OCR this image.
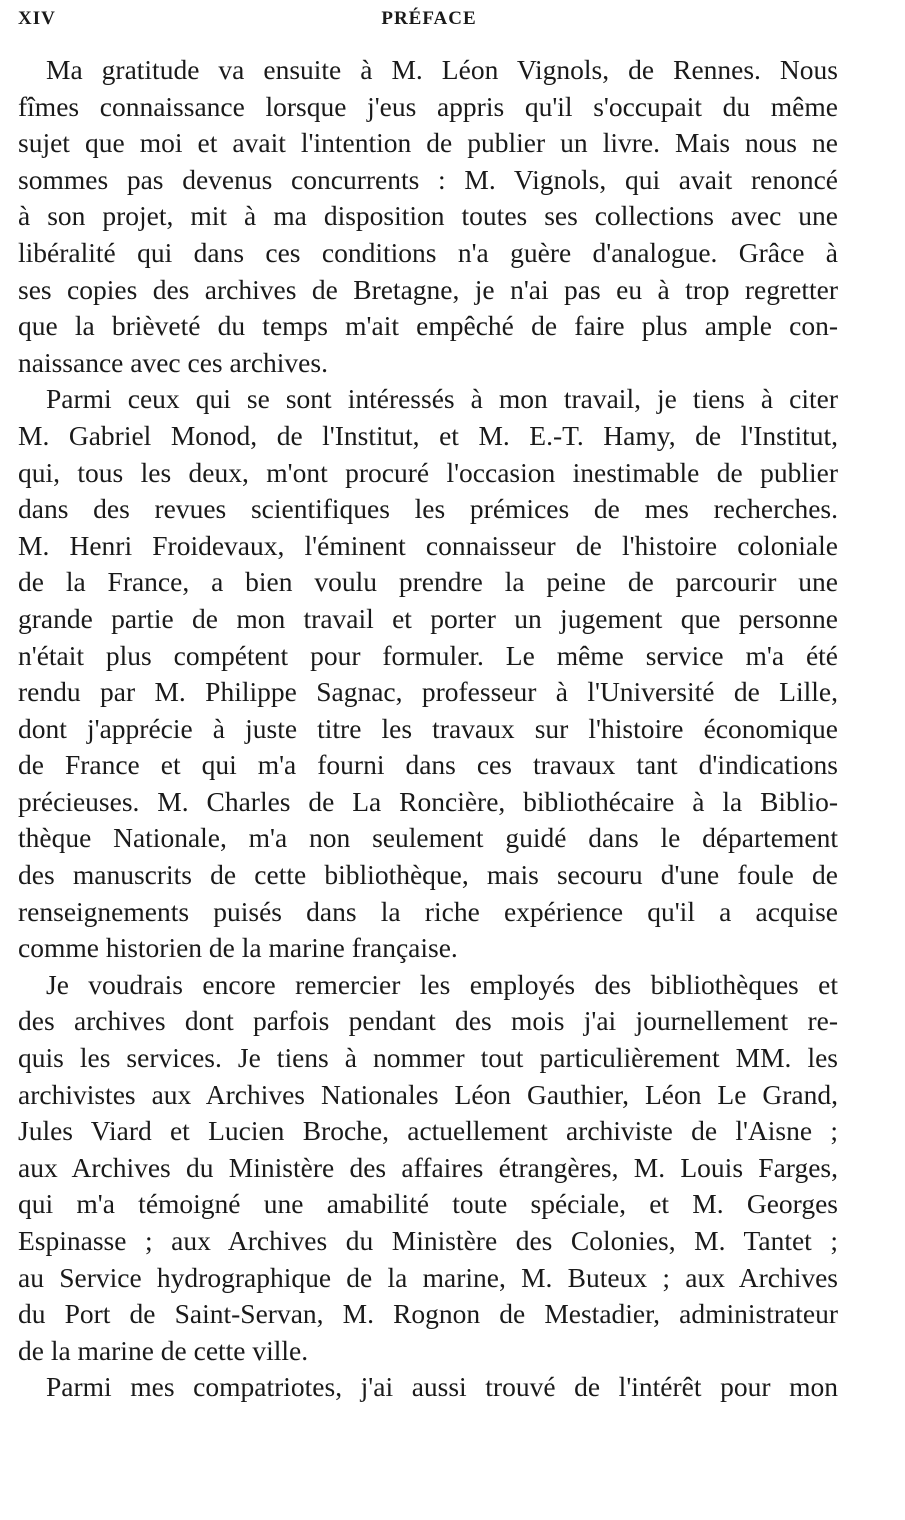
XIV	PRÉFACE
Ma gratitude va ensuite à M. Léon Vignols, de Rennes. Nous
fîmes connaissance lorsque j'eus appris qu'il s'occupait du même
sujet que moi et avait l'intention de publier un livre. Mais nous ne
sommes pas devenus concurrents : M. Vignols, qui avait renoncé
à son projet, mit à ma disposition toutes ses collections avec une
libéralité qui dans ces conditions n'a guère d'analogue. Grâce à
ses copies des archives de Bretagne, je n'ai pas eu à trop regretter
que la brièveté du temps m'ait empêché de faire plus ample con-
naissance avec ces archives.
Parmi ceux qui se sont intéressés à mon travail, je tiens à citer
M. Gabriel Monod, de l'Institut, et M. E.-T. Hamy, de l'Institut,
qui, tous les deux, m'ont procuré l'occasion inestimable de publier
dans des revues scientifiques les prémices de mes recherches.
M. Henri Froidevaux, l'éminent connaisseur de l'histoire coloniale
de la France, a bien voulu prendre la peine de parcourir une
grande partie de mon travail et porter un jugement que personne
n'était plus compétent pour formuler. Le même service m'a été
rendu par M. Philippe Sagnac, professeur à l'Université de Lille,
dont j'apprécie à juste titre les travaux sur l'histoire économique
de France et qui m'a fourni dans ces travaux tant d'indications
précieuses. M. Charles de La Roncière, bibliothécaire à la Biblio-
thèque Nationale, m'a non seulement guidé dans le département
des manuscrits de cette bibliothèque, mais secouru d'une foule de
renseignements puisés dans la riche expérience qu'il a acquise
comme historien de la marine française.
Je voudrais encore remercier les employés des bibliothèques et
des archives dont parfois pendant des mois j'ai journellement re-
quis les services. Je tiens à nommer tout particulièrement MM. les
archivistes aux Archives Nationales Léon Gauthier, Léon Le Grand,
Jules Viard et Lucien Broche, actuellement archiviste de l'Aisne ;
aux Archives du Ministère des affaires étrangères, M. Louis Farges,
qui m'a témoigné une amabilité toute spéciale, et M. Georges
Espinasse ; aux Archives du Ministère des Colonies, M. Tantet ;
au Service hydrographique de la marine, M. Buteux ; aux Archives
du Port de Saint-Servan, M. Rognon de Mestadier, administrateur
de la marine de cette ville.
Parmi mes compatriotes, j'ai aussi trouvé de l'intérêt pour mon
